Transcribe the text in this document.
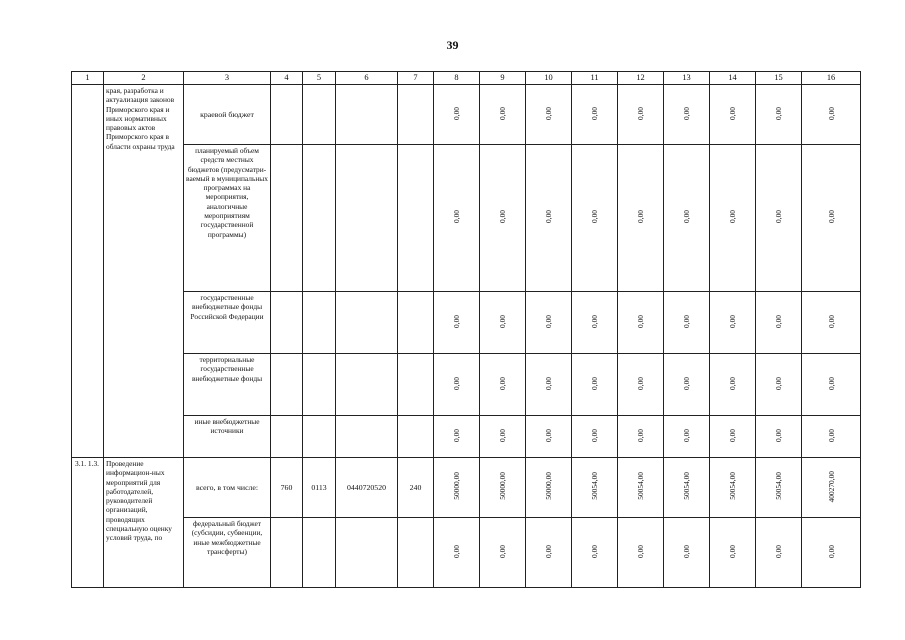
39
1	2	3	4	5	6	7	8	9	10	11	12	13	14	15	16
	края, разработка и актуализация законов Приморского края и иных нормативных правовых актов Приморского края в области охраны труда	краевой бюджет					0,00	0,00	0,00	0,00	0,00	0,00	0,00	0,00	0,00
		планируемый объем средств местных бюджетов (предусматри-ваемый в муниципальных программах на мероприятия, аналогичные мероприятиям государственной программы)					0,00	0,00	0,00	0,00	0,00	0,00	0,00	0,00	0,00
		государственные внебюджетные фонды Российской Федерации					0,00	0,00	0,00	0,00	0,00	0,00	0,00	0,00	0,00
		территориальные государственные внебюджетные фонды					0,00	0,00	0,00	0,00	0,00	0,00	0,00	0,00	0,00
		иные внебюджетные источники					0,00	0,00	0,00	0,00	0,00	0,00	0,00	0,00	0,00
3.1. 1.3.	Проведение информацион-ных мероприятий для работодателей, руководителей организаций, проводящих специальную оценку условий труда, по	всего, в том числе:	760	0113	0440720520	240	50000,00	50000,00	50000,00	50054,00	50054,00	50054,00	50054,00	50054,00	400270,00
		федеральный бюджет (субсидии, субвенции, иные межбюджетные трансферты)					0,00	0,00	0,00	0,00	0,00	0,00	0,00	0,00	0,00
